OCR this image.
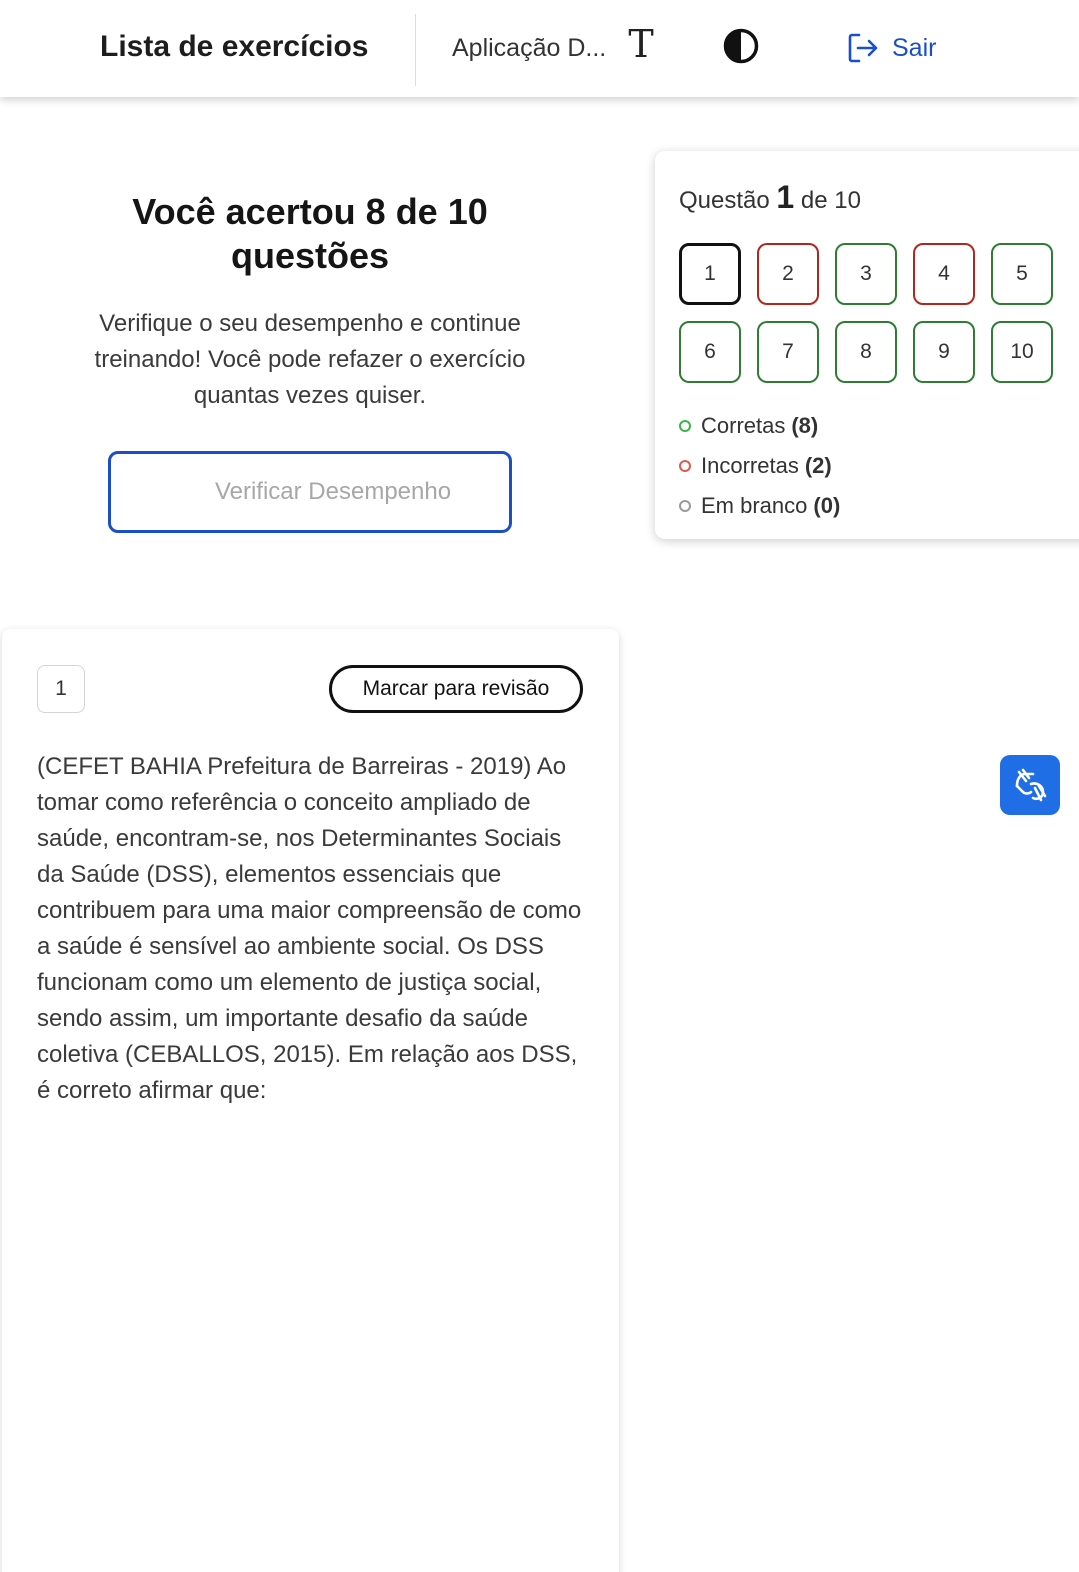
Lista de exercícios	Aplicação D... T	Sair
Você acertou 8 de 10 questões
Verifique o seu desempenho e continue treinando! Você pode refazer o exercício quantas vezes quiser.
Verificar Desempenho
Questão 1 de 10
1	2	3	4	5
6	7	8	9	10
Corretas (8)
Incorretas (2)
Em branco (0)
1	Marcar para revisão
(CEFET BAHIA Prefeitura de Barreiras - 2019) Ao tomar como referência o conceito ampliado de saúde, encontram-se, nos Determinantes Sociais da Saúde (DSS), elementos essenciais que contribuem para uma maior compreensão de como a saúde é sensível ao ambiente social. Os DSS funcionam como um elemento de justiça social, sendo assim, um importante desafio da saúde coletiva (CEBALLOS, 2015). Em relação aos DSS, é correto afirmar que:
